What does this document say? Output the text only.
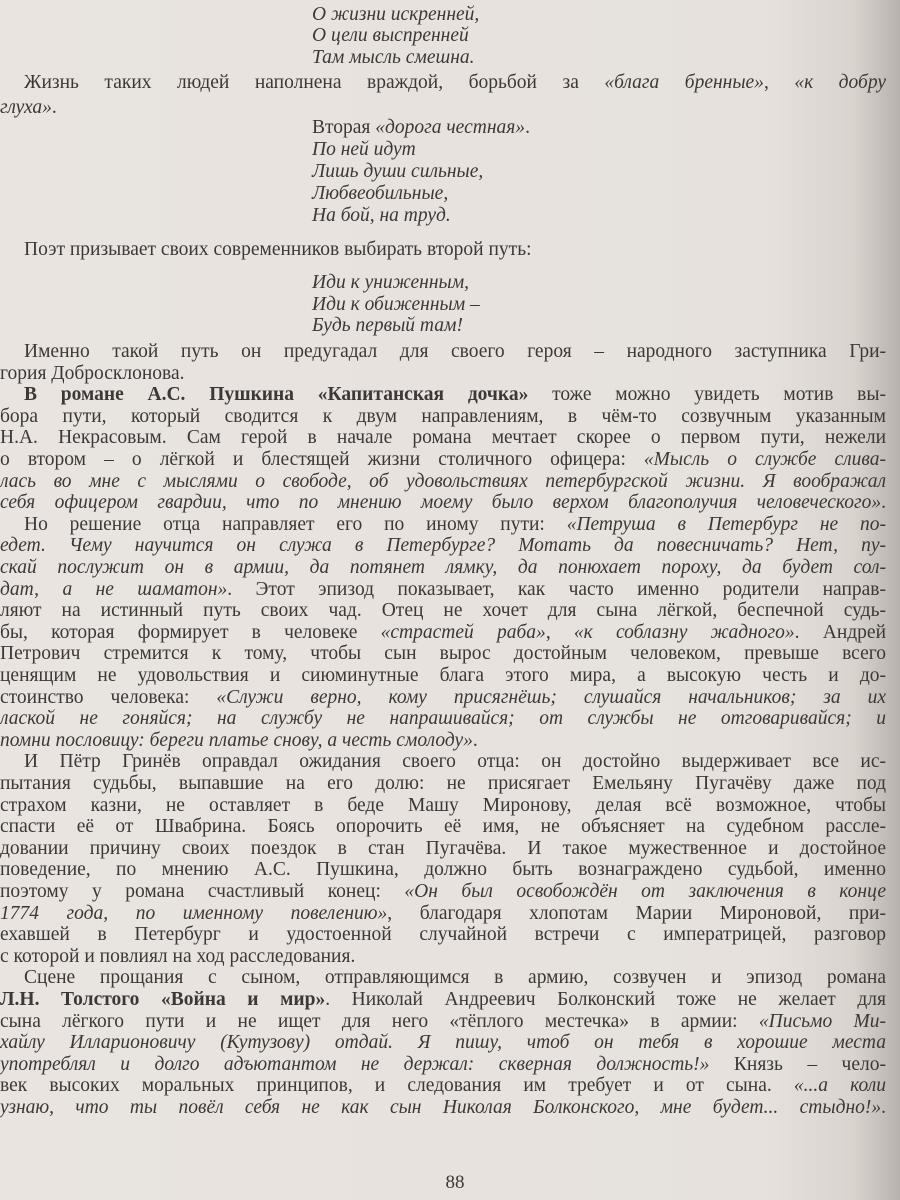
О жизни искренней,
О цели выспренней
Там мысль смешна.
Вторая «дорога честная».
По ней идут
Лишь души сильные,
Любвеобильные,
На бой, на труд.
Иди к униженным,
Иди к обиженным –
Будь первый там!
Жизнь таких людей наполнена враждой, борьбой за «блага бренные», «к добру
глуха».
Поэт призывает своих современников выбирать второй путь:
Именно такой путь он предугадал для своего героя – народного заступника Гри-
гория Добросклонова.
В романе А.С. Пушкина «Капитанская дочка» тоже можно увидеть мотив вы-
бора пути, который сводится к двум направлениям, в чём-то созвучным указанным
Н.А. Некрасовым. Сам герой в начале романа мечтает скорее о первом пути, нежели
о втором – о лёгкой и блестящей жизни столичного офицера: «Мысль о службе слива-
лась во мне с мыслями о свободе, об удовольствиях петербургской жизни. Я воображал
себя офицером гвардии, что по мнению моему было верхом благополучия человеческого».
Но решение отца направляет его по иному пути: «Петруша в Петербург не по-
едет. Чему научится он служа в Петербурге? Мотать да повесничать? Нет, пу-
скай послужит он в армии, да потянет лямку, да понюхает пороху, да будет сол-
дат, а не шаматон». Этот эпизод показывает, как часто именно родители направ-
ляют на истинный путь своих чад. Отец не хочет для сына лёгкой, беспечной судь-
бы, которая формирует в человеке «страстей раба», «к соблазну жадного». Андрей
Петрович стремится к тому, чтобы сын вырос достойным человеком, превыше всего
ценящим не удовольствия и сиюминутные блага этого мира, а высокую честь и до-
стоинство человека: «Служи верно, кому присягнёшь; слушайся начальников; за их
лаской не гоняйся; на службу не напрашивайся; от службы не отговаривайся; и
помни пословицу: береги платье снову, а честь смолоду».
И Пётр Гринёв оправдал ожидания своего отца: он достойно выдерживает все ис-
пытания судьбы, выпавшие на его долю: не присягает Емельяну Пугачёву даже под
страхом казни, не оставляет в беде Машу Миронову, делая всё возможное, чтобы
спасти её от Швабрина. Боясь опорочить её имя, не объясняет на судебном рассле-
довании причину своих поездок в стан Пугачёва. И такое мужественное и достойное
поведение, по мнению А.С. Пушкина, должно быть вознаграждено судьбой, именно
поэтому у романа счастливый конец: «Он был освобождён от заключения в конце
1774 года, по именному повелению», благодаря хлопотам Марии Мироновой, при-
ехавшей в Петербург и удостоенной случайной встречи с императрицей, разговор
с которой и повлиял на ход расследования.
Сцене прощания с сыном, отправляющимся в армию, созвучен и эпизод романа
Л.Н. Толстого «Война и мир». Николай Андреевич Болконский тоже не желает для
сына лёгкого пути и не ищет для него «тёплого местечка» в армии: «Письмо Ми-
хайлу Илларионовичу (Кутузову) отдай. Я пишу, чтоб он тебя в хорошие места
употреблял и долго адъютантом не держал: скверная должность!» Князь – чело-
век высоких моральных принципов, и следования им требует и от сына. «...а коли
узнаю, что ты повёл себя не как сын Николая Болконского, мне будет... стыдно!».
88
